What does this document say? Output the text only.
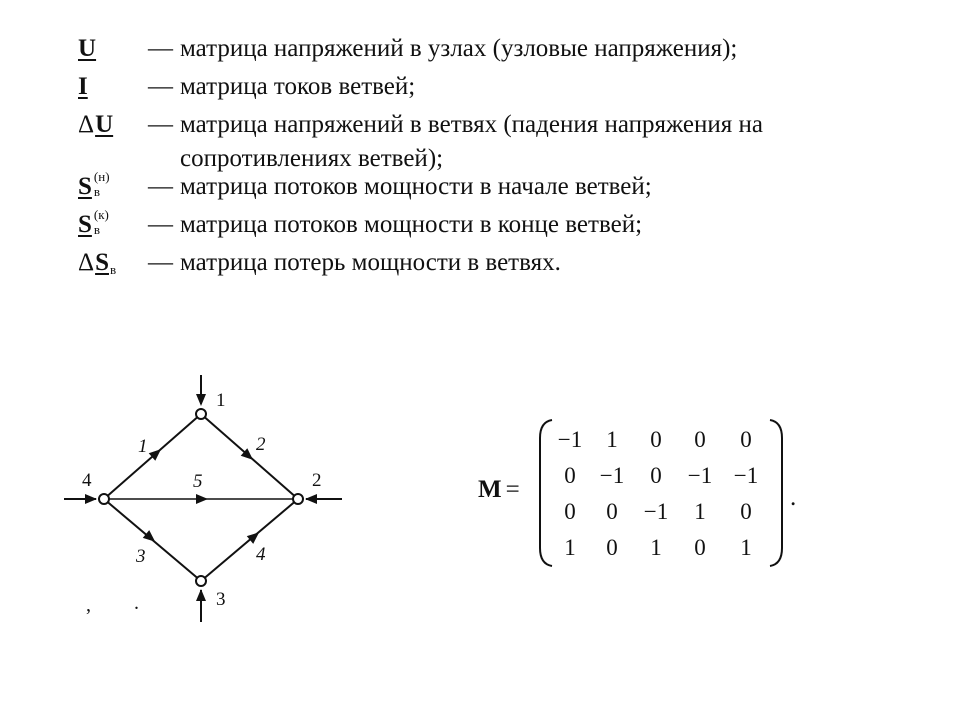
U	— матрица напряжений в узлах (узловые напряжения);
I	— матрица токов ветвей;
ΔU	— матрица напряжений в ветвях (падения напряжения на
сопротивлениях ветвей);
S (н)
в	— матрица потоков мощности в начале ветвей;
S (к)
в	— матрица потоков мощности в конце ветвей;
ΔSв	— матрица потерь мощности в ветвях.
1
2
3
4
1	2
3	4
5	M =
−1	1	0	0	0
0	−1	0	−1 −1
0	0	−1	1	0
1	0	1	0	1
.
, .
